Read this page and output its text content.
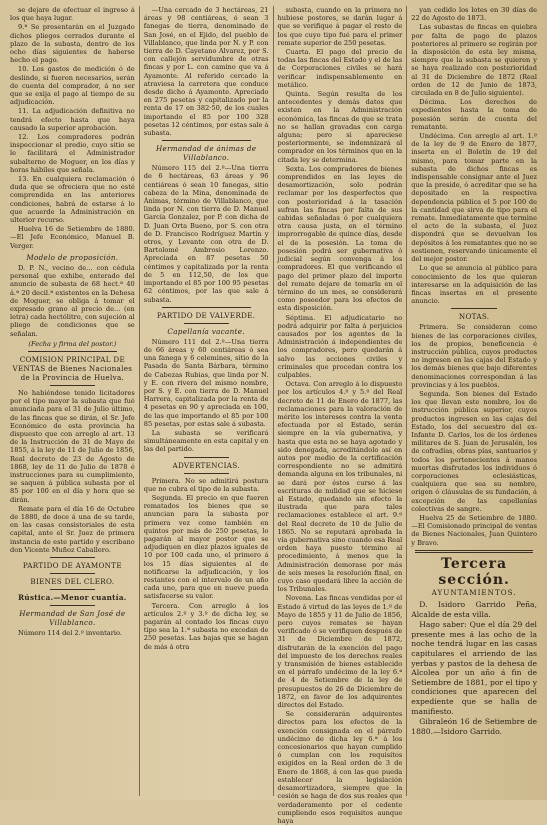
se dejare de efectuar el ingreso á los que haya lugar.

9.ª Se presentarán en el Juzgado dichos pliegos cerrados durante el plazo de la subasta, dentro de los ocho días siguientes de haberse hecho el pago.

10. Los gastos de medición ó de deslinde, si fueren necesarios, serán de cuenta del comprador, á no ser que se exija el pago al tiempo de su adjudicación.

11. La adjudicación definitiva no tendrá efecto hasta que haya causado la superior aprobación.

12. Los compradores podrán inspeccionar el predio, cuyo sitio se le facilitará el Administrador subalterno de Moguer, en los días y horas hábiles que señala.

13. En cualquiera reclamación ó duda que se ofreciera que no esté comprendida en las anteriores condiciones, habrá de estarse á lo que acuerde la Administración en ulterior recurso.

Huelva 16 de Setiembre de 1880.—El Jefe Económico, Manuel B. Verger.

Modelo de proposición.

D. P. N., vecino de... con cédula personal que exhibe, enterado del anuncio de subasta de 68 hect.ª 40 á.ª 20 decil.ª existentes en la Dehesa de Moguer, se obliga á tomar el expresado grano al precio de... (en letra) cada hectólitro, con sujeción al pliego de condiciones que se señalan.

(Fecha y firma del postor.)
COMISION PRINCIPAL DE VENTAS de Bienes Nacionales de la Provincia de Huelva.

No habiéndose tenido licitadores por el tipo mayor la subasta que fué anunciada para el 31 de Julio último, de las fincas que se dirán, el Sr. Jefe Económico de esta provincia ha dispuesto que con arreglo al art. 13 de la Instrucción de 31 de Mayo de 1855, á la ley de 11 de Julio de 1856, Real decreto de 23 de Agosto de 1868, ley de 11 de Julio de 1878 é instrucciones para su cumplimiento, se saquen á pública subasta por el 85 por 100 en el día y hora que se dirán.

Remate para el día 16 de Octubre de 1880, de doce á una de su tarde, en las casas consistoriales de esta capital, ante el Sr. Juez de primera instancia de este partido y escribano don Vicente Muñoz Caballero.

PARTIDO DE AYAMONTE
BIENES DEL CLERO.
Rústica.—Menor cuantía.
Hermandad de San José de Villablanco.

Número 114 del 2.º inventario.

—Una cercado de 3 hectáreas, 21 áreas y 98 centiáreas, ó sean 3 fanegas de tierra, denominado de San José, en el Ejido, del pueblo de Villablanco, que linda por N. y P. con tierra de D. Cayetano Alvarez, por S. con callejón servidumbre de otras fincas y por L. con camino que va á Ayamonte. Al referido cercado la atraviesa la carretera que conduce desde dicho á Ayamonte. Apreciado en 275 pesetas y capitalizado por la renta de 17 en 382·50, de los cuales importando el 85 por 100 328 pesetas 12 céntimos, por estas sale á subasta.

Hermandad de ánimas de Villablanco.

Número 115 del 2.º—Una tierra de 6 hectáreas, 63 áreas y 96 centiáreas ó sean 10 fanegas, sitio cabeza de la Mina, denominada de Ánimas, término de Villablanco, que linda por N. con tierra de D. Manuel García Gonzalez, por P. con dicha de D. Juan Orta Bueno, por S. con otra de D. Francisco Rodríguez Martín y otros, y Levante con otra de D. Bartolomé Ambrosio Lorenzo. Apreciada en 87 pesetas 50 céntimos y capitalizada por la renta de 5 en 112,50, de los que importando el 85 por 100 95 pesetas 62 céntimos, por las que sale á subasta.

PARTIDO DE VALVERDE.
Capellanía vacante.

Número 111 del 2.º—Una tierra de 66 áreas y 60 centiáreas ó sea una fanega y 6 celemines, sitio de la Pasada de Santa Bárbara, término de Cabezas Rubias, que linda por N. y E. con rivera del mismo nombre, por S. y E. con tierra de D. Manuel Harrera, capitalizada por la renta de 4 pesetas en 90 y apreciada en 100, de las que importando el 85 por 100 85 pesetas, por estas sale á subasta.

La subasta se verificará simultáneamente en esta capital y en las del partido.

ADVERTENCIAS.

Primera. No se admitirá postura que no cubra el tipo de la subasta.

Segunda. El precio en que fueren rematados los bienes que se anuncian para la subasta por primera vez como también en quintos por más de 250 pesetas, lo pagarán al mayor postor que se adjudiquen en diez plazos iguales de 10 por 100 cada uno, el primero á los 15 días siguientes al de notificarse la adjudicación, y los restantes con el intervalo de un año cada uno, para que en nueve pueda satisfacerse su valor.

Tercera. Con arreglo á los artículos 2.º y 3.º de dicha ley, se pagarán al contado los fincas cuyo tipo sea la 1.ª subasta no excedan de 250 pesetas. Las bajas que se hagan de más á otra

subasta, cuando en la primera no hubiese postores, se darán lugar á que se verifique á pagar el resto de los que cuyo tipo fué para el primer remate superior de 250 pesetas.

Cuarta. El pago del precio de todas las fincas del Estado y el de las de Corporaciones civiles se hará verificar indispensablemente en metálico.

Quinta. Según resulta de los antecedentes y demás datos que existen en la Administración económica, las fincas de que se trata no se hallan gravadas con carga alguna; pero si apareciese posteriormente, se indemnizará al comprador en los términos que en la citada ley se determina.

Sexta. Los compradores de bienes comprendidos en las leyes de desamortización, solo podrán reclamar por los desperfectos que con posterioridad á la tasación sufran las fincas por falta de sus cabidas señaladas ó por cualquiera otra causa justa, en el término improrrogable de quince días, desde el de la posesión. La toma de posesión podrá ser gubernativa ó judicial según convenga á los compradores. El que verificando el pago del primer plazo del importe del remate dejare de tomarla en el término de un mes, se considerará como poseedor para los efectos de esta disposición.

Séptima. El adjudicatario no podrá adquirir por falta á perjuicios causados por los agentes de la Administración á independientes de los compradores, pero quedarán á salvo las acciones civiles y criminales que procedan contra los culpables.

Octava. Con arreglo á lo dispuesto por los artículos 4.º y 5.º del Real decreto de 11 de Enero de 1877, las reclamaciones para la valoración de mérito los intereses contra la venta efectuada por el Estado, serán siempre en la vía gubernativa, y hasta que esta no se haya agotado y sido denegada, acreditándolo así en autos por medio de la certificación correspondiente no se admitirá demanda alguna en los tribunales, ni se dará por éstos curso á las escrituras de nulidad que se hiciese al Estado, quedando sin efecto la ilustrada que para tales reclamaciones establece el art. 9.º del Real decreto de 10 de Julio de 1865. No se reputará aprobada la vía gubernativa sino cuando esa Real orden haya puesto término al procedimiento, á menos que la Administración demorase por más de seis meses la resolución final, en cuyo caso quedará libre la acción de los Tribunales.

Novena. Las fincas vendidas por el Estado á virtud de las leyes de 1.º de Mayo de 1855 y 11 de Julio de 1856, pero cuyos remates se hayan verificado ó se verifiquen después de 31 de Diciembre de 1872, disfrutarán de la exención del pago del impuesto de los derechos reales y transmisión de bienes establecido en el párrafo undécimo de la ley 6.ª de 4 de Setiembre de la ley de presupuestos de 26 de Diciembre de 1872, en favor de los adquirentes directos del Estado.

Se considerarán adquirentes directos para los efectos de la exención consignada en el párrafo undécimo de dicha ley 6.ª á los concesionarios que hayan cumplido ó cumplan con los requisitos exigidos en la Real orden de 3 de Enero de 1868, á con las que pueda establecer la legislación desamortizadora, siempre que la cesión se haga de dos sus reales que verdaderamente por el cedente cumpliendo esos requisitos aunque haya

yan cedido los lotes en 30 días de 22 de Agosto de 1873.

Las subastas de fincas en quiebra por falta de pago de plazos posteriores al primero se regirán por la disposición de esta ley misma, siempre que la subasta se quieren y se haya realizado con posterioridad al 31 de Diciembre de 1872 (Real orden de 12 de Junio de 1873, circulada en 8 de Julio siguiente).

Décima. Los derechos de expedientes hasta la toma de posesión serán de cuenta del rematante.

Undécima. Con arreglo al art. 1.º de la ley de 9 de Enero de 1877, inserta en el Boletín de 19 del mismo, para tomar parte en la subasta de dichos fincas es indispensable consignar ante el Juez que la preside, ó acreditar que se ha depositado en la respectiva dependencia pública el 5 por 100 de la cantidad que sirva de tipo para el remate. Inmediatamente que termine el acto de la subasta, el Juez dispondrá que se devuelvan los depósitos á los rematantes que no se sostienen, reservando únicamente el del mejor postor.

Lo que se anuncia al público para conocimiento de los que quieran interesarse en la adquisición de las fincas insertas en el presente anuncio.

NOTAS.

Primera. Se consideran como bienes de las corporaciones civiles, los de propios, beneficencia é instrucción pública, cuyos productos no ingresen en las cajas del Estado y los demás bienes que bajo diferentes denominaciones correspondan á las provincias y á los pueblos.

Segunda. Son bienes del Estado los que llevan este nombre, los de instrucción pública superior, cuyos productos ingresen en las cajas del Estado, los del secuestro del ex-Infante D. Carlos, los de los órdenes militares de S. Juan de Jerusalén, los de cofradías, obras pías, santuarios y todos los pertenecientes á manos muertas disfrutados los individuos ó corporaciones eclesiásticas, cualquiera que sea su nombre, origen ó cláusulas de su fundación, á excepción de las capellanías colectivas de sangre.

Huelva 25 de Setiembre de 1880.—El Comisionado principal de ventas de Bienes Nacionales, Juan Quintero y Bravo.

Tercera sección.
AYUNTAMIENTOS.

D. Isidoro Garrido Peña, Alcalde de esta villa.

Hago saber: Que el día 29 del presente mes á las ocho de la noche tendrá lugar en las casas capitulares el arriendo de las yerbas y pastos de la dehesa de Alcolea por un año á fin de Setiembre de 1881, por el tipo y condiciones que aparecen del expediente que se halla de manifiesto.

Gibraleón 16 de Setiembre de 1880.—Isidoro Garrido.
